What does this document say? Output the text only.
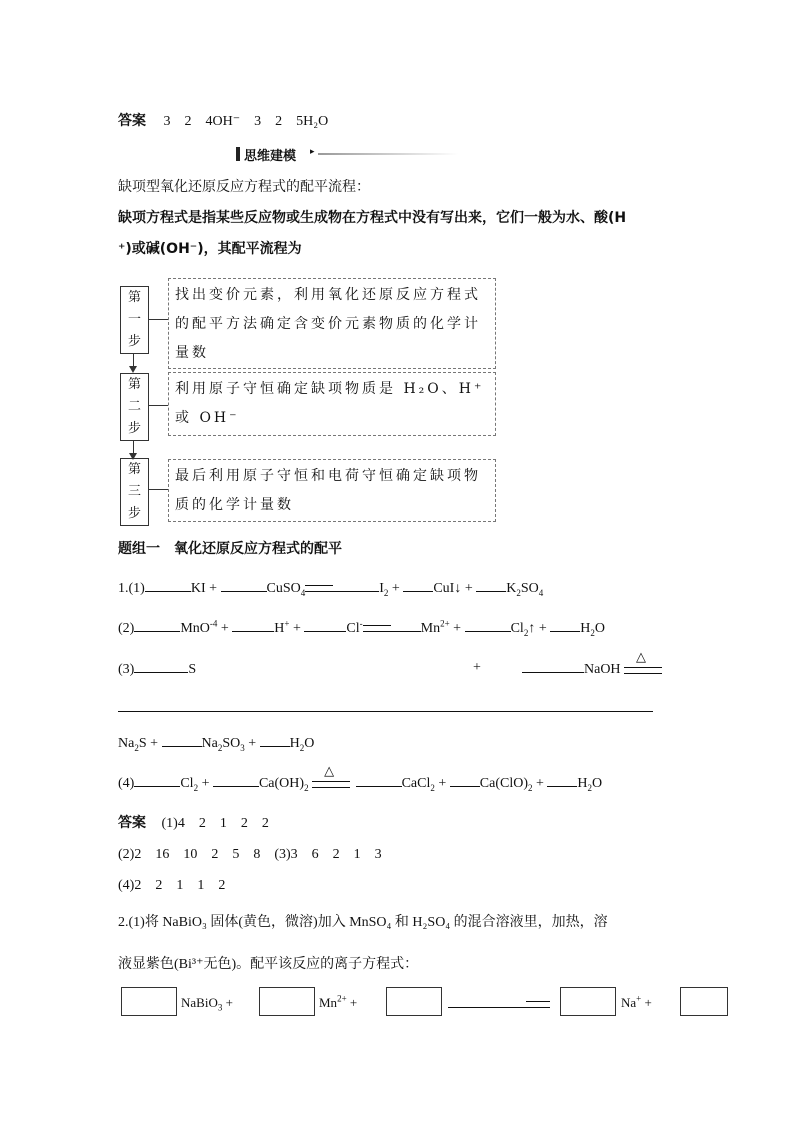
答案 3　2　4OH⁻　3　2　5H₂O
思维建模 ▸
缺项型氧化还原反应方程式的配平流程：
缺项方程式是指某些反应物或生成物在方程式中没有写出来，它们一般为水、酸(H
⁺)或碱(OH⁻)，其配平流程为
第
一
步
找出变价元素，利用氧化还原反应方程式的配平方法确定含变价元素物质的化学计量数
第
二
步
利用原子守恒确定缺项物质是 H₂O、H⁺ 或 OH⁻
第
三
步
最后利用原子守恒和电荷守恒确定缺项物质的化学计量数
题组一　氧化还原反应方程式的配平
1.(1)	KI +	CuSO$_4$	$I_2$ + CuI↓ + $K_2SO_4$
(2)	MnO$^{-4}$ +	H+ +	Cl-	$Mn^{2+}$ +	$Cl_2↑ + H_2O$
(3)	S	+	NaOH
△
$Na_2S$ +	$Na_2SO_3 + H_2O$
(4)	$Cl_2$ +	$Ca(OH)_2$
△
CaCl$_2$ + $Ca(ClO)_2 + H_2O$
答案 (1)4　2　1　2　2
(2)2　16　10　2　5　8　(3)3　6　2　1　3
(4)2　2　1　1　2
2.(1)将 NaBiO₃ 固体(黄色，微溶)加入 MnSO₄ 和 H₂SO₄ 的混合溶液里，加热，溶
液显紫色(Bi³⁺无色)。配平该反应的离子方程式：
NaBiO$_3$ +	$Mn^{2+}$ +	Na+ +
